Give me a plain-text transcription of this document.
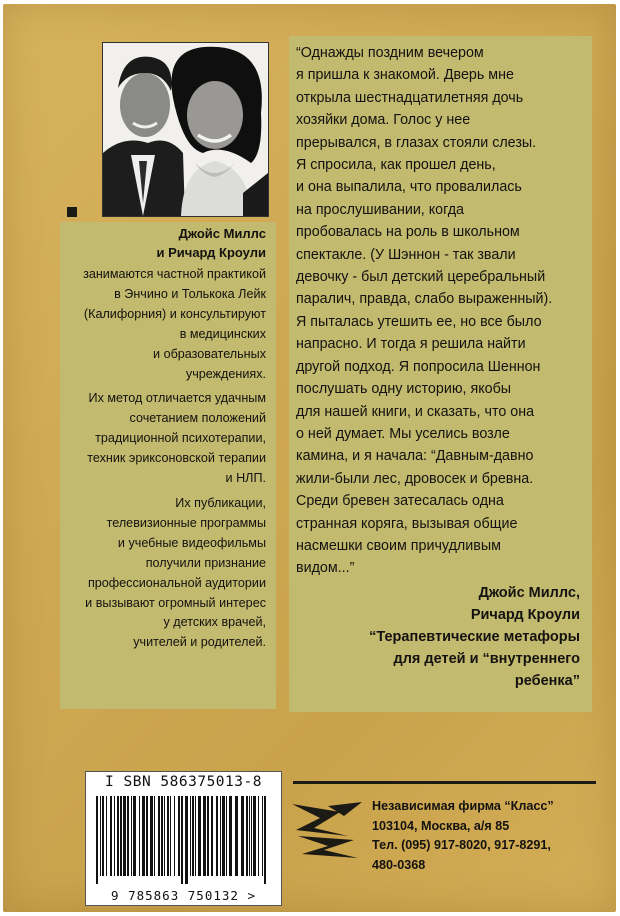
Джойс Миллс
и Ричард Кроули

занимаются частной практикой
в Энчино и Толькока Лейк
(Калифорния) и консультируют
в медицинских
и образовательных
учреждениях.

Их метод отличается удачным
сочетанием положений
традиционной психотерапии,
техник эриксоновской терапии
и НЛП.

Их публикации,
телевизионные программы
и учебные видеофильмы
получили признание
профессиональной аудитории
и вызывают огромный интерес
у детских врачей,
учителей и родителей.

“Однажды поздним вечером
я пришла к знакомой. Дверь мне
открыла шестнадцатилетняя дочь
хозяйки дома. Голос у нее
прерывался, в глазах стояли слезы.
Я спросила, как прошел день,
и она выпалила, что провалилась
на прослушивании, когда
пробовалась на роль в школьном
спектакле. (У Шэннон - так звали
девочку - был детский церебральный
паралич, правда, слабо выраженный).
Я пыталась утешить ее, но все было
напрасно. И тогда я решила найти
другой подход. Я попросила Шеннон
послушать одну историю, якобы
для нашей книги, и сказать, что она
о ней думает. Мы уселись возле
камина, и я начала: “Давным-давно
жили-были лес, дровосек и бревна.
Среди бревен затесалась одна
странная коряга, вызывая общие
насмешки своим причудливым
видом...”
Джойс Миллс,
Ричард Кроули
“Терапевтические метафоры
для детей и “внутреннего
ребенка”
I SBN 586375013-8
9 785863 750132 >
Независимая фирма “Класс”
103104, Москва, а/я 85
Тел. (095) 917-8020, 917-8291,
480-0368
